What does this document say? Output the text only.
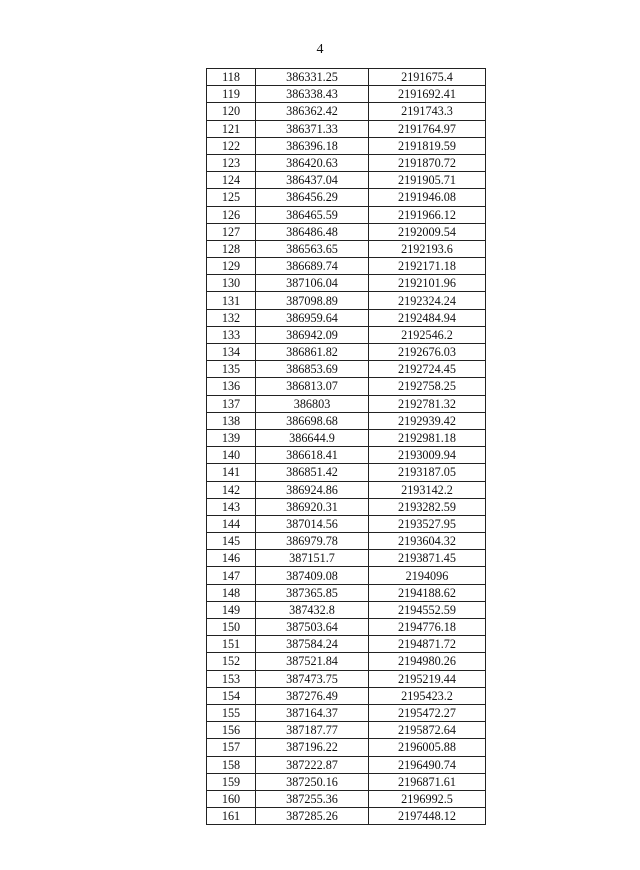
4
118	386331.25	2191675.4
119	386338.43	2191692.41
120	386362.42	2191743.3
121	386371.33	2191764.97
122	386396.18	2191819.59
123	386420.63	2191870.72
124	386437.04	2191905.71
125	386456.29	2191946.08
126	386465.59	2191966.12
127	386486.48	2192009.54
128	386563.65	2192193.6
129	386689.74	2192171.18
130	387106.04	2192101.96
131	387098.89	2192324.24
132	386959.64	2192484.94
133	386942.09	2192546.2
134	386861.82	2192676.03
135	386853.69	2192724.45
136	386813.07	2192758.25
137	386803	2192781.32
138	386698.68	2192939.42
139	386644.9	2192981.18
140	386618.41	2193009.94
141	386851.42	2193187.05
142	386924.86	2193142.2
143	386920.31	2193282.59
144	387014.56	2193527.95
145	386979.78	2193604.32
146	387151.7	2193871.45
147	387409.08	2194096
148	387365.85	2194188.62
149	387432.8	2194552.59
150	387503.64	2194776.18
151	387584.24	2194871.72
152	387521.84	2194980.26
153	387473.75	2195219.44
154	387276.49	2195423.2
155	387164.37	2195472.27
156	387187.77	2195872.64
157	387196.22	2196005.88
158	387222.87	2196490.74
159	387250.16	2196871.61
160	387255.36	2196992.5
161	387285.26	2197448.12
